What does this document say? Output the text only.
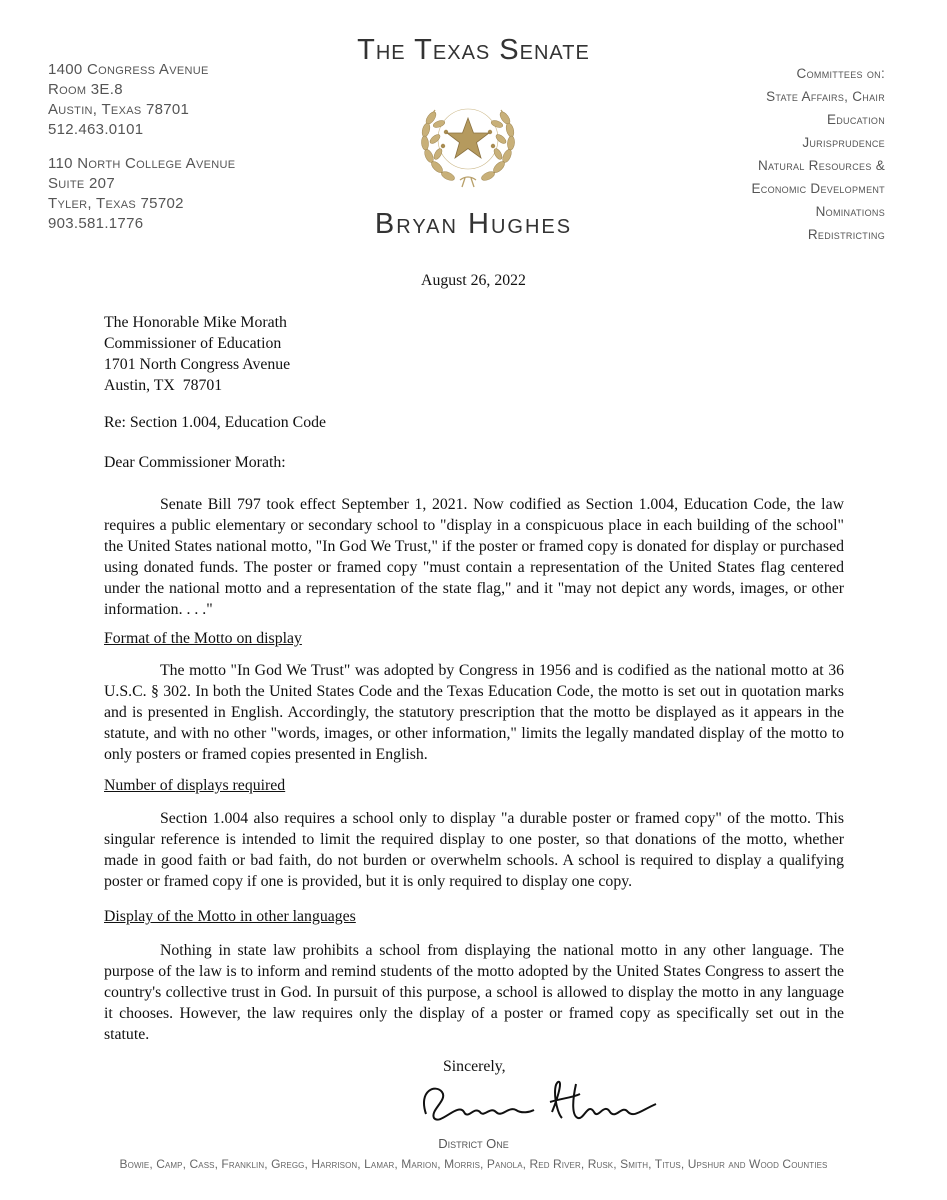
1400 Congress Avenue
Room 3E.8
Austin, Texas 78701
512.463.0101
110 North College Avenue
Suite 207
Tyler, Texas 75702
903.581.1776
The Texas Senate
Bryan Hughes
Committees on:
State Affairs, Chair
Education
Jurisprudence
Natural Resources &
Economic Development
Nominations
Redistricting
August 26, 2022
The Honorable Mike Morath
Commissioner of Education
1701 North Congress Avenue
Austin, TX  78701
Re: Section 1.004, Education Code
Dear Commissioner Morath:

Senate Bill 797 took effect September 1, 2021. Now codified as Section 1.004, Education Code, the law requires a public elementary or secondary school to "display in a conspicuous place in each building of the school" the United States national motto, "In God We Trust," if the poster or framed copy is donated for display or purchased using donated funds. The poster or framed copy "must contain a representation of the United States flag centered under the national motto and a representation of the state flag," and it "may not depict any words, images, or other information. . . ."

Format of the Motto on display

The motto "In God We Trust" was adopted by Congress in 1956 and is codified as the national motto at 36 U.S.C. § 302. In both the United States Code and the Texas Education Code, the motto is set out in quotation marks and is presented in English. Accordingly, the statutory prescription that the motto be displayed as it appears in the statute, and with no other "words, images, or other information," limits the legally mandated display of the motto to only posters or framed copies presented in English.

Number of displays required

Section 1.004 also requires a school only to display "a durable poster or framed copy" of the motto. This singular reference is intended to limit the required display to one poster, so that donations of the motto, whether made in good faith or bad faith, do not burden or overwhelm schools. A school is required to display a qualifying poster or framed copy if one is provided, but it is only required to display one copy.

Display of the Motto in other languages

Nothing in state law prohibits a school from displaying the national motto in any other language. The purpose of the law is to inform and remind students of the motto adopted by the United States Congress to assert the country's collective trust in God. In pursuit of this purpose, a school is allowed to display the motto in any language it chooses. However, the law requires only the display of a poster or framed copy as specifically set out in the statute.

Sincerely,
District One
Bowie, Camp, Cass, Franklin, Gregg, Harrison, Lamar, Marion, Morris, Panola, Red River, Rusk, Smith, Titus, Upshur and Wood Counties
